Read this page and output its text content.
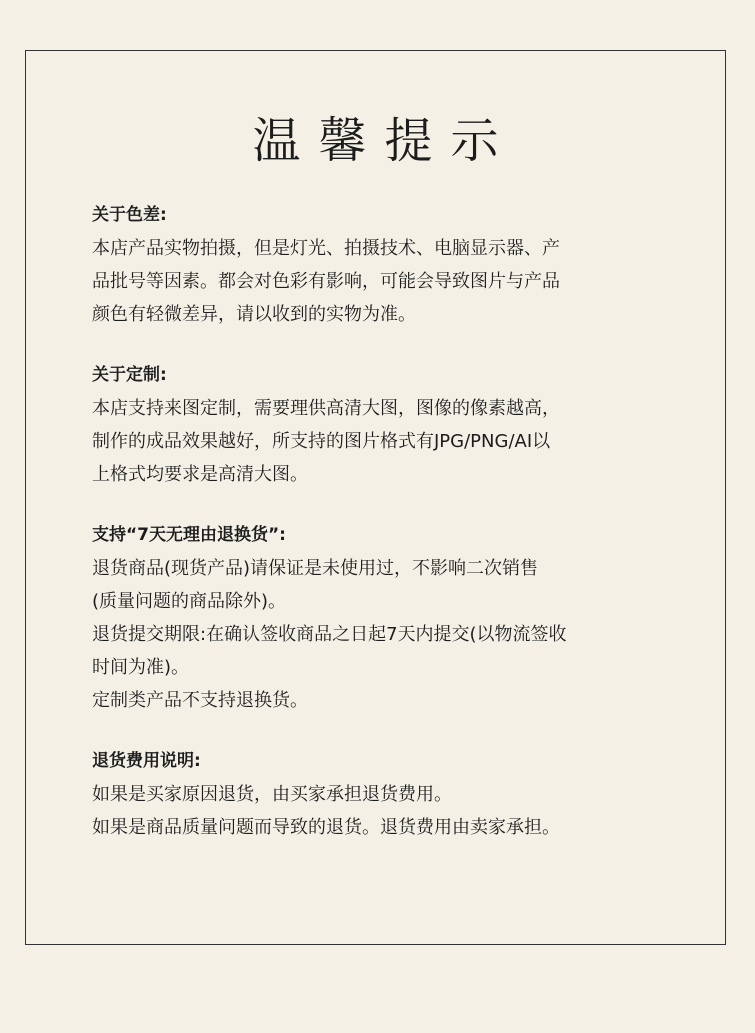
温馨提示

关于色差:

本店产品实物拍摄，但是灯光、拍摄技术、电脑显示器、产

品批号等因素。都会对色彩有影响，可能会导致图片与产品

颜色有轻微差异，请以收到的实物为准。

关于定制:

本店支持来图定制，需要理供高清大图，图像的像素越高，

制作的成品效果越好，所支持的图片格式有JPG/PNG/AI以

上格式均要求是高清大图。

支持“7天无理由退换货”:

退货商品(现货产品)请保证是未使用过，不影响二次销售

(质量问题的商品除外)。

退货提交期限:在确认签收商品之日起7天内提交(以物流签收

时间为准)。

定制类产品不支持退换货。

退货费用说明:

如果是买家原因退货，由买家承担退货费用。

如果是商品质量问题而导致的退货。退货费用由卖家承担。
